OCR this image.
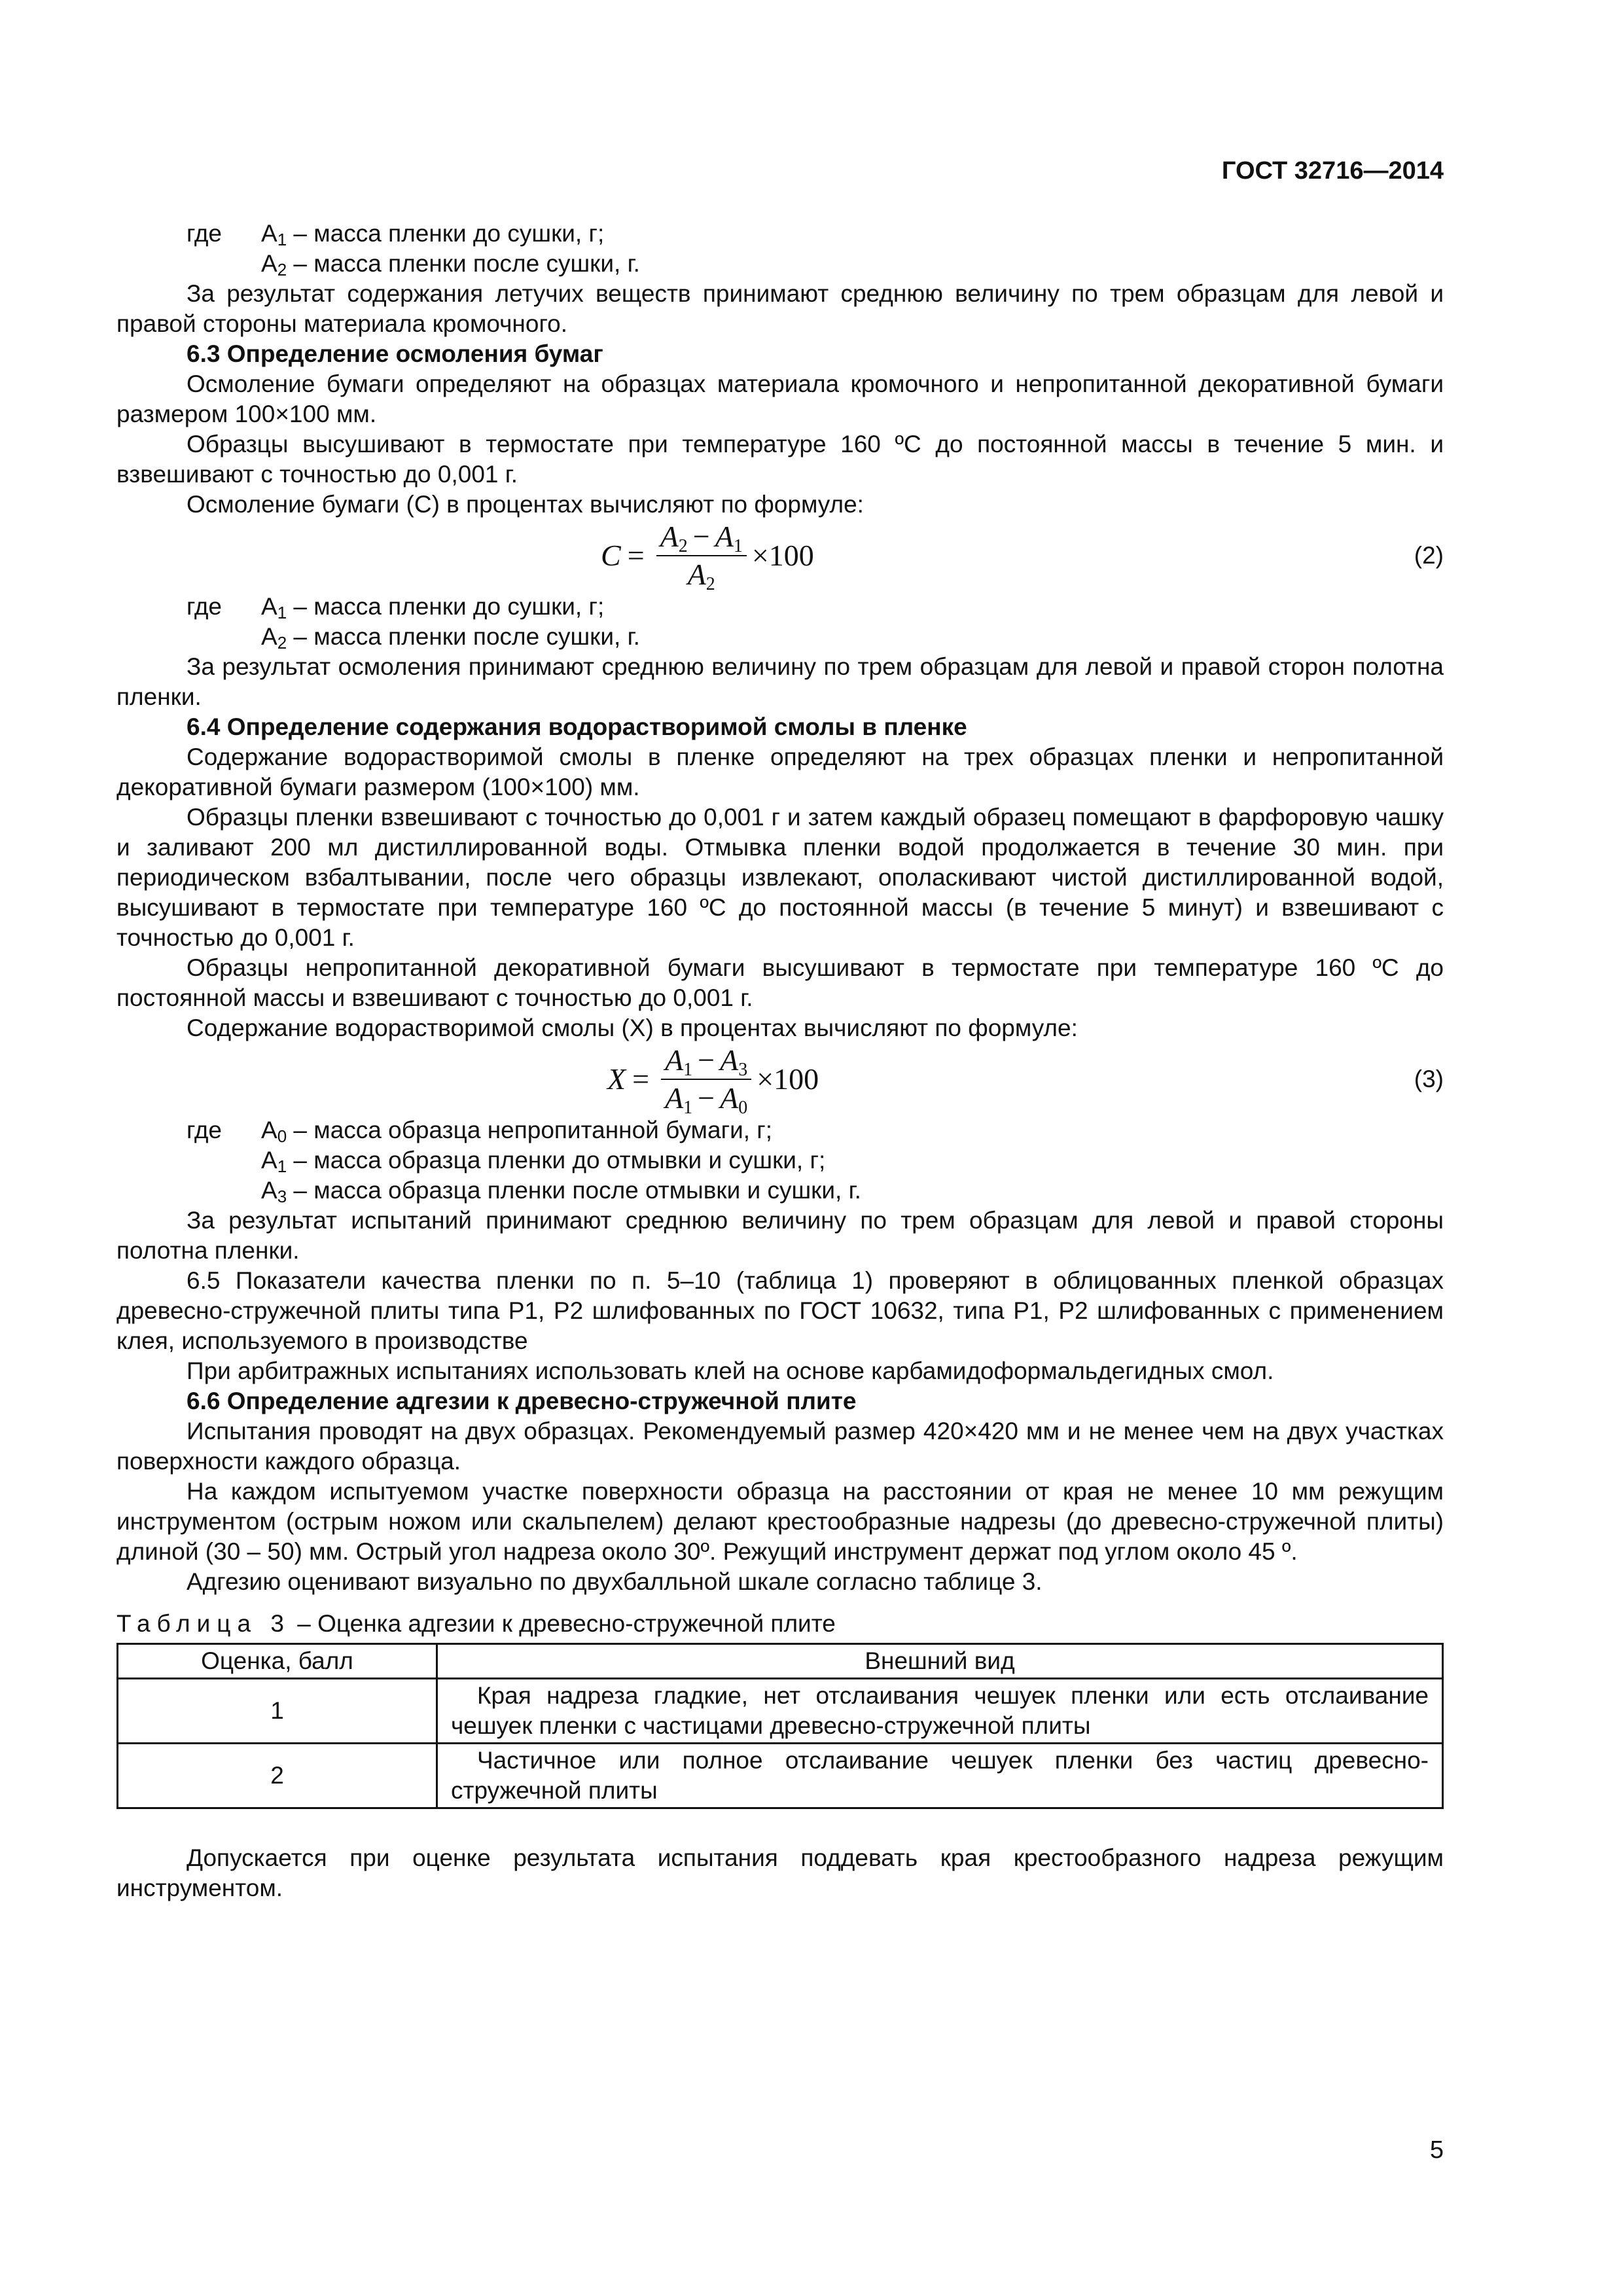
ГОСТ 32716—2014
где	$А_1$ – масса пленки до сушки, г;
$А_2$ – масса пленки после сушки, г.

За результат содержания летучих веществ принимают среднюю величину по трем образцам для левой и правой стороны материала кромочного.

6.3 Определение осмоления бумаг

Осмоление бумаги определяют на образцах материала кромочного и непропитанной декоративной бумаги размером 100×100 мм.

Образцы высушивают в термостате при температуре 160 ºС до постоянной массы в течение 5 мин. и взвешивают с точностью до 0,001 г.

Осмоление бумаги (С) в процентах вычисляют по формуле:

$C = \frac{A_2 - A_1}{A_2} \times 100$	(2)
где	$А_1$ – масса пленки до сушки, г;
$А_2$ – масса пленки после сушки, г.

За результат осмоления принимают среднюю величину по трем образцам для левой и правой сторон полотна пленки.

6.4 Определение содержания водорастворимой смолы в пленке

Содержание водорастворимой смолы в пленке определяют на трех образцах пленки и непропитанной декоративной бумаги размером (100×100) мм.

Образцы пленки взвешивают с точностью до 0,001 г и затем каждый образец помещают в фарфоровую чашку и заливают 200 мл дистиллированной воды. Отмывка пленки водой продолжается в течение 30 мин. при периодическом взбалтывании, после чего образцы извлекают, ополаскивают чистой дистиллированной водой, высушивают в термостате при температуре 160 ºС до постоянной массы (в течение 5 минут) и взвешивают с точностью до 0,001 г.

Образцы непропитанной декоративной бумаги высушивают в термостате при температуре 160 ºС до постоянной массы и взвешивают с точностью до 0,001 г.

Содержание водорастворимой смолы (Х) в процентах вычисляют по формуле:

$X = \frac{A_1 - A_3}{A_1 - A_0} \times 100$	(3)
где	$А_0$ – масса образца непропитанной бумаги, г;
$А_1$ – масса образца пленки до отмывки и сушки, г;
$А_3$ – масса образца пленки после отмывки и сушки, г.

За результат испытаний принимают среднюю величину по трем образцам для левой и правой стороны полотна пленки.

6.5 Показатели качества пленки по п. 5–10 (таблица 1) проверяют в облицованных пленкой образцах древесно-стружечной плиты типа Р1, Р2 шлифованных по ГОСТ 10632, типа Р1, Р2 шлифованных с применением клея, используемого в производстве

При арбитражных испытаниях использовать клей на основе карбамидоформальдегидных смол.

6.6 Определение адгезии к древесно-стружечной плите

Испытания проводят на двух образцах. Рекомендуемый размер 420×420 мм и не менее чем на двух участках поверхности каждого образца.

На каждом испытуемом участке поверхности образца на расстоянии от края не менее 10 мм режущим инструментом (острым ножом или скальпелем) делают крестообразные надрезы (до древесно-стружечной плиты) длиной (30 – 50) мм. Острый угол надреза около 30º. Режущий инструмент держат под углом около 45 º.

Адгезию оценивают визуально по двухбалльной шкале согласно таблице 3.

Таблица 3 – Оценка адгезии к древесно-стружечной плите

Оценка, балл	Внешний вид
1	Края надреза гладкие, нет отслаивания чешуек пленки или есть отслаивание чешуек пленки с частицами древесно-стружечной плиты
2	Частичное или полное отслаивание чешуек пленки без частиц древесно-стружечной плиты

Допускается при оценке результата испытания поддевать края крестообразного надреза режущим инструментом.

5
